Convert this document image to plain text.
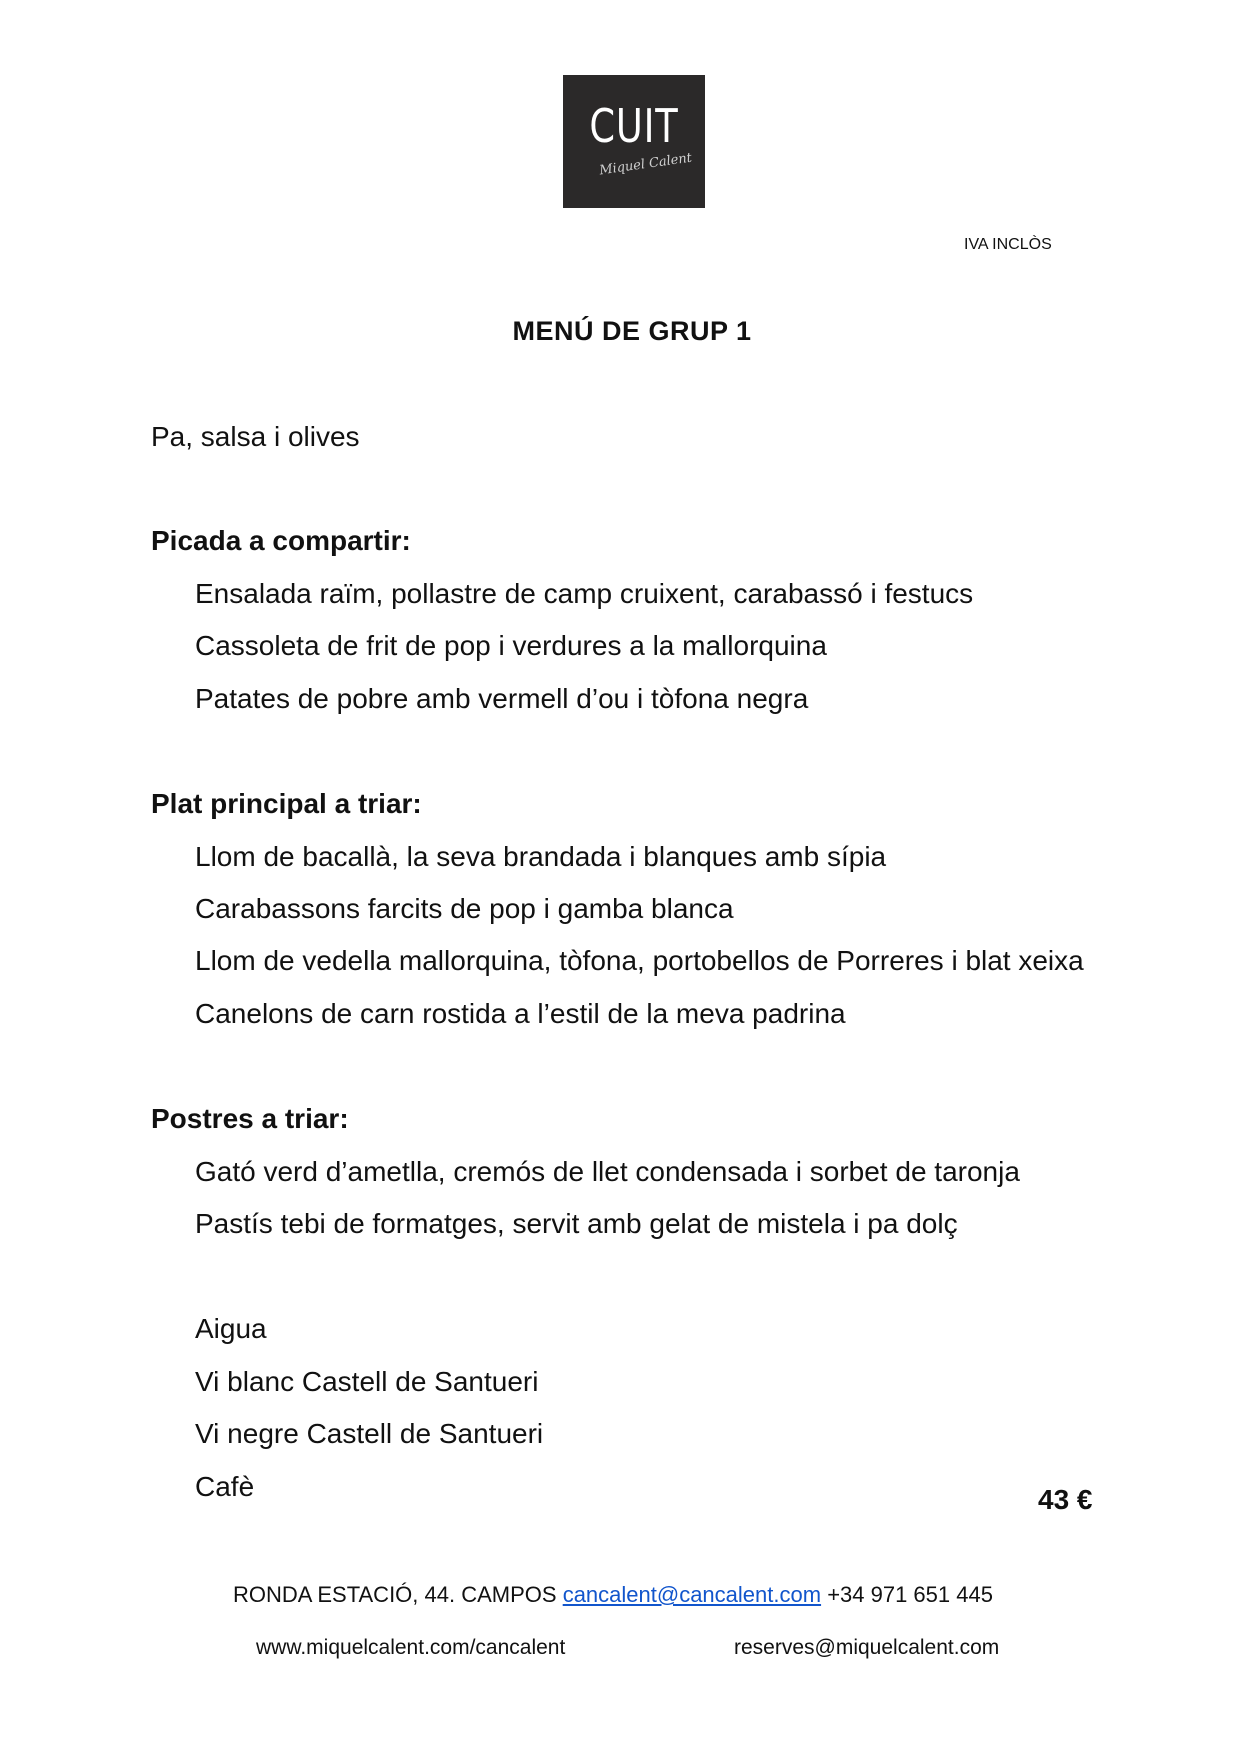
CUIT
Miquel Calent
IVA INCLÒS
MENÚ DE GRUP 1
Pa, salsa i olives
Picada a compartir:
Ensalada raïm, pollastre de camp cruixent, carabassó i festucs
Cassoleta de frit de pop i verdures a la mallorquina
Patates de pobre amb vermell d’ou i tòfona negra
Plat principal a triar:
Llom de bacallà, la seva brandada i blanques amb sípia
Carabassons farcits de pop i gamba blanca
Llom de vedella mallorquina, tòfona, portobellos de Porreres i blat xeixa
Canelons de carn rostida a l’estil de la meva padrina
Postres a triar:
Gató verd d’ametlla, cremós de llet condensada i sorbet de taronja
Pastís tebi de formatges, servit amb gelat de mistela i pa dolç
Aigua
Vi blanc Castell de Santueri
Vi negre Castell de Santueri
Cafè	43 €
RONDA ESTACIÓ, 44. CAMPOS cancalent@cancalent.com +34 971 651 445
www.miquelcalent.com/cancalent	reserves@miquelcalent.com
